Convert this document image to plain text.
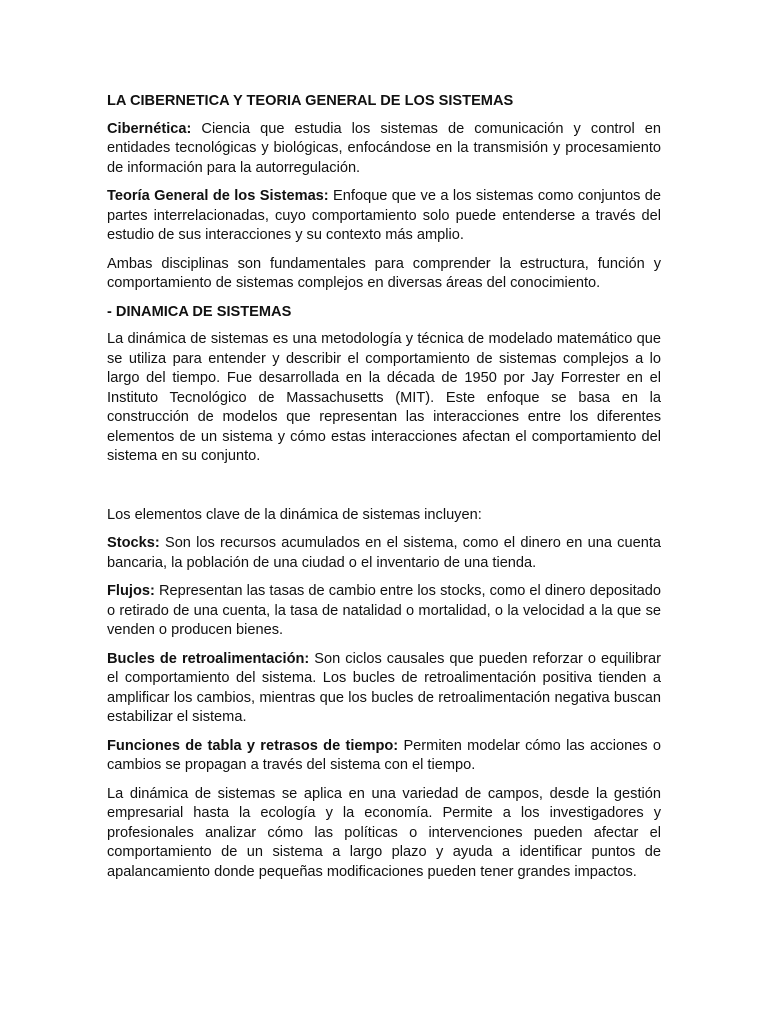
LA CIBERNETICA Y TEORIA GENERAL DE LOS SISTEMAS

Cibernética: Ciencia que estudia los sistemas de comunicación y control en entidades tecnológicas y biológicas, enfocándose en la transmisión y procesamiento de información para la autorregulación.

Teoría General de los Sistemas: Enfoque que ve a los sistemas como conjuntos de partes interrelacionadas, cuyo comportamiento solo puede entenderse a través del estudio de sus interacciones y su contexto más amplio.

Ambas disciplinas son fundamentales para comprender la estructura, función y comportamiento de sistemas complejos en diversas áreas del conocimiento.

- DINAMICA DE SISTEMAS

La dinámica de sistemas es una metodología y técnica de modelado matemático que se utiliza para entender y describir el comportamiento de sistemas complejos a lo largo del tiempo. Fue desarrollada en la década de 1950 por Jay Forrester en el Instituto Tecnológico de Massachusetts (MIT). Este enfoque se basa en la construcción de modelos que representan las interacciones entre los diferentes elementos de un sistema y cómo estas interacciones afectan el comportamiento del sistema en su conjunto.

Los elementos clave de la dinámica de sistemas incluyen:

Stocks: Son los recursos acumulados en el sistema, como el dinero en una cuenta bancaria, la población de una ciudad o el inventario de una tienda.

Flujos: Representan las tasas de cambio entre los stocks, como el dinero depositado o retirado de una cuenta, la tasa de natalidad o mortalidad, o la velocidad a la que se venden o producen bienes.

Bucles de retroalimentación: Son ciclos causales que pueden reforzar o equilibrar el comportamiento del sistema. Los bucles de retroalimentación positiva tienden a amplificar los cambios, mientras que los bucles de retroalimentación negativa buscan estabilizar el sistema.

Funciones de tabla y retrasos de tiempo: Permiten modelar cómo las acciones o cambios se propagan a través del sistema con el tiempo.

La dinámica de sistemas se aplica en una variedad de campos, desde la gestión empresarial hasta la ecología y la economía. Permite a los investigadores y profesionales analizar cómo las políticas o intervenciones pueden afectar el comportamiento de un sistema a largo plazo y ayuda a identificar puntos de apalancamiento donde pequeñas modificaciones pueden tener grandes impactos.
